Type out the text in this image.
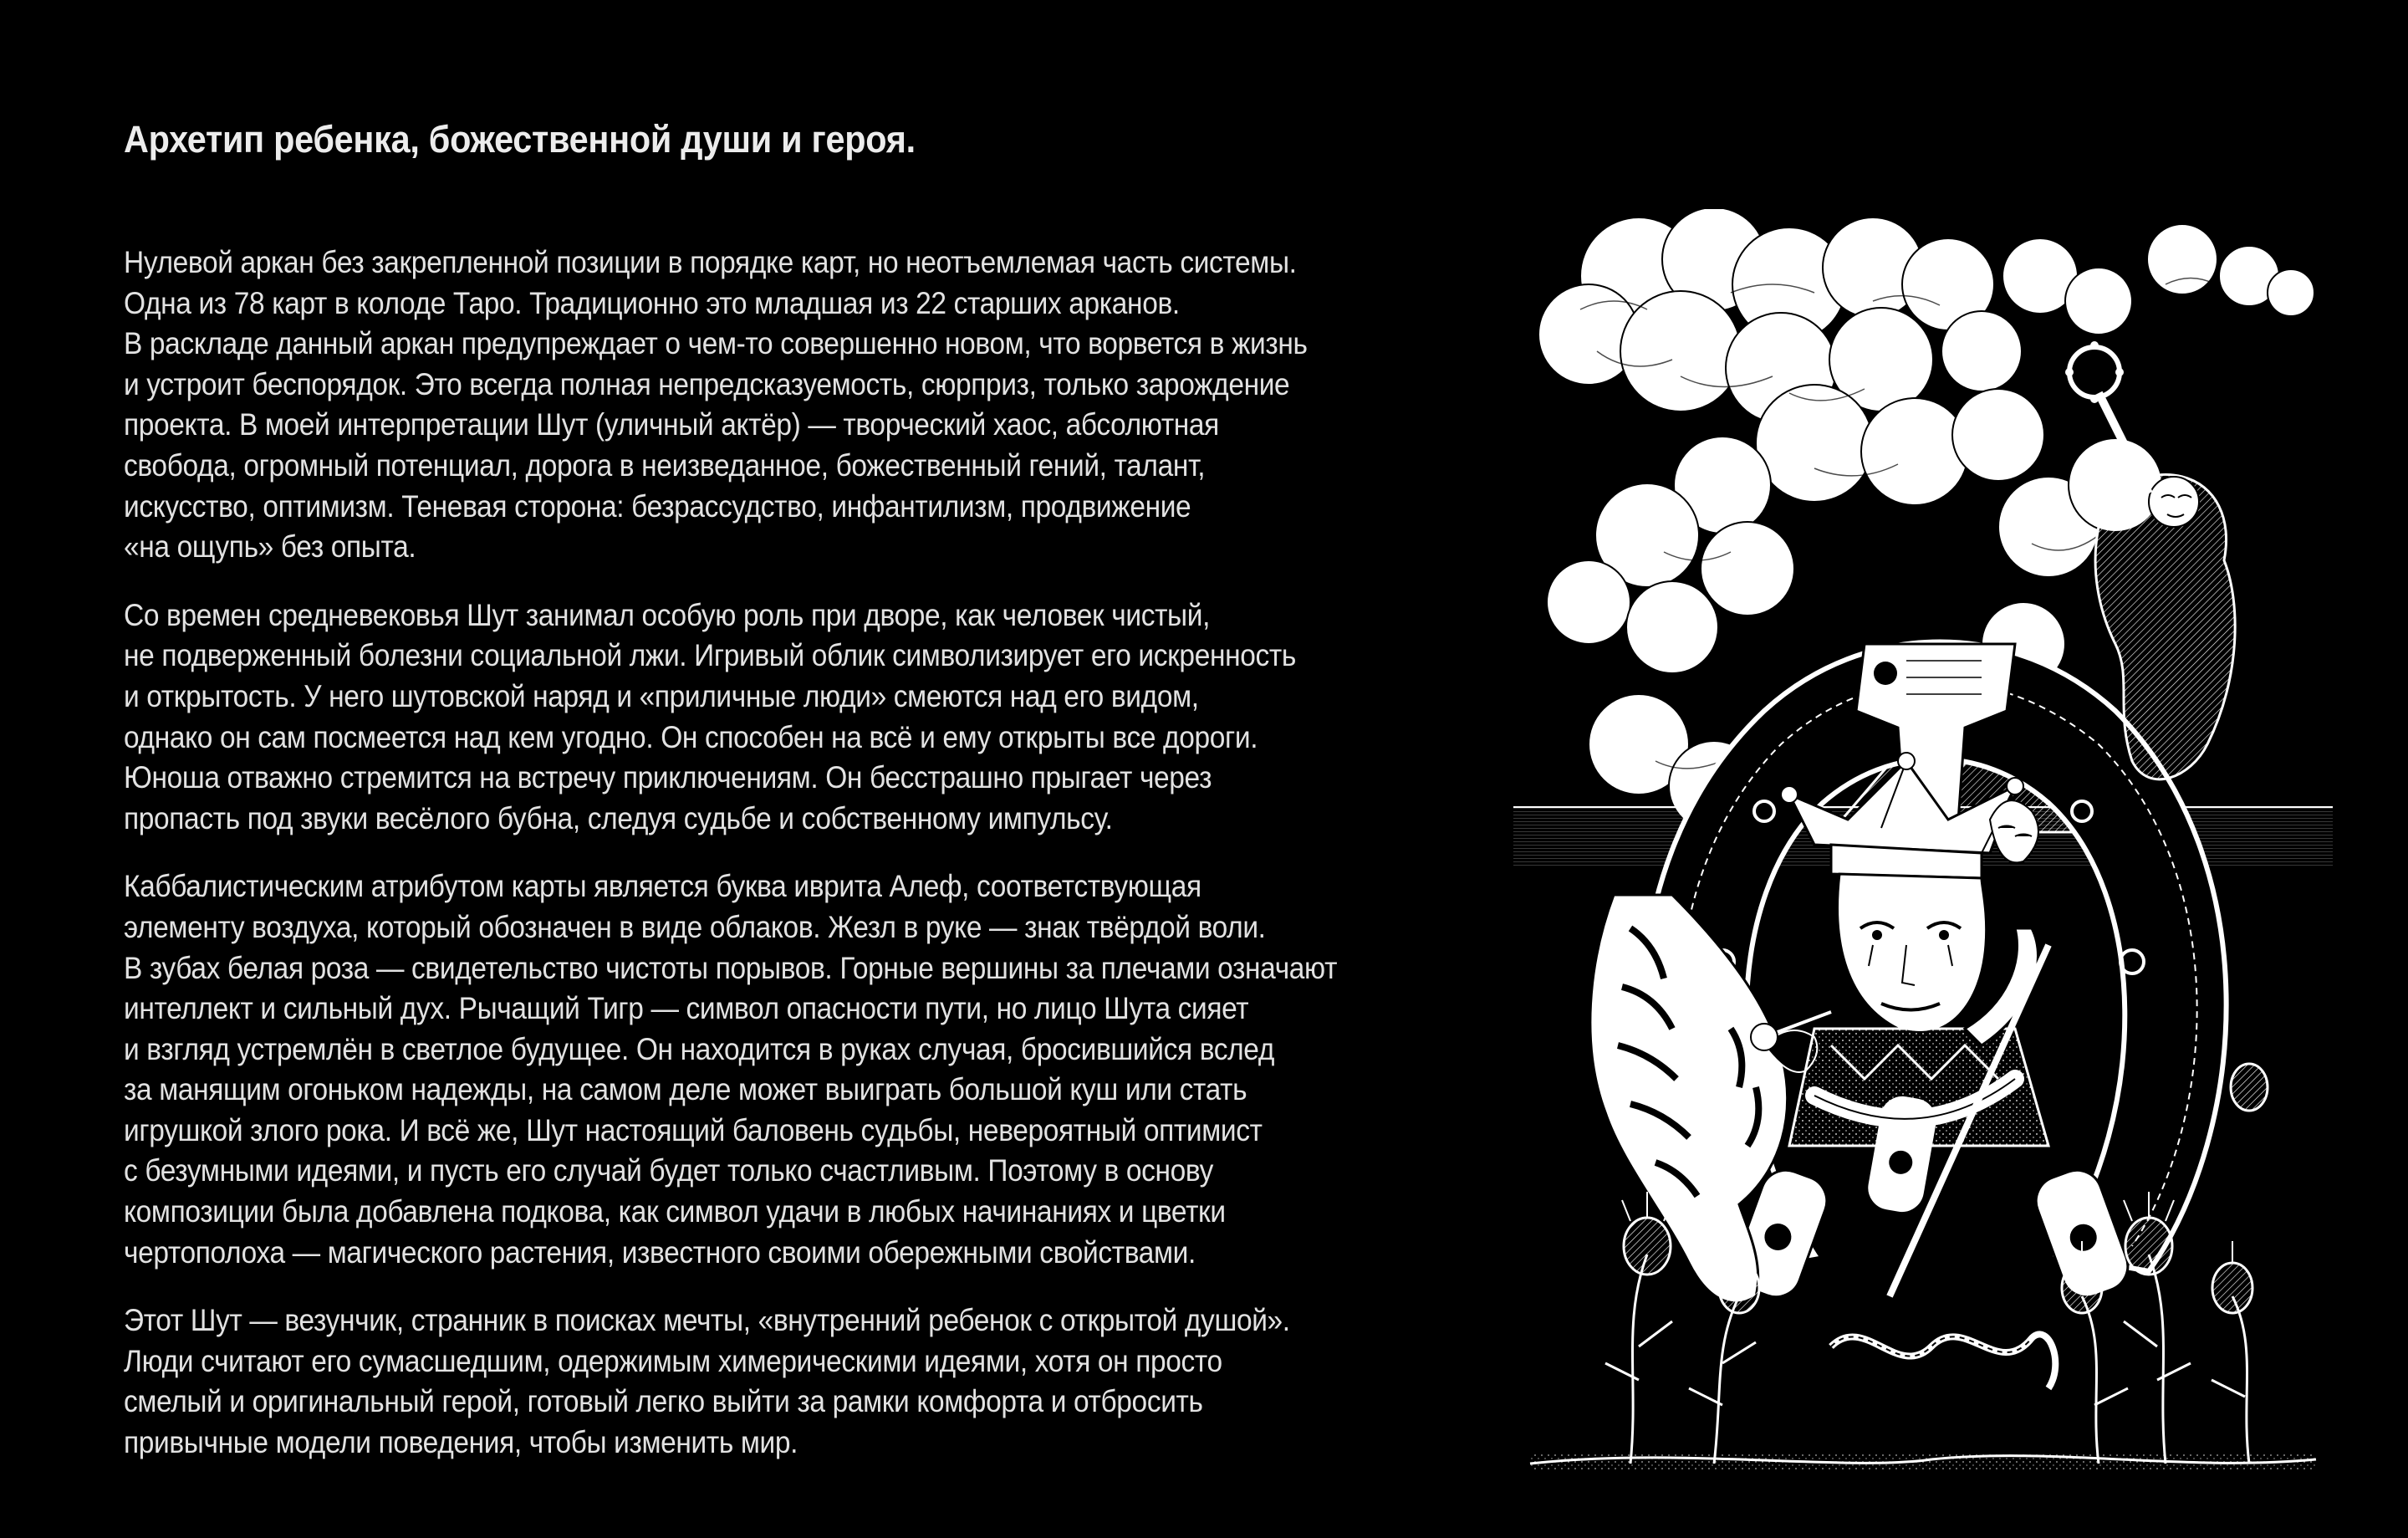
Архетип ребенка, божественной души и героя.

Нулевой аркан без закрепленной позиции в порядке карт, но неотъемлемая часть системы.
Одна из 78 карт в колоде Таро. Традиционно это младшая из 22 старших арканов.
В раскладе данный аркан предупреждает о чем-то совершенно новом, что ворвется в жизнь
и устроит беспорядок. Это всегда полная непредсказуемость, сюрприз, только зарождение
проекта. В моей интерпретации Шут (уличный актёр) — творческий хаос, абсолютная
свобода, огромный потенциал, дорога в неизведанное, божественный гений, талант,
искусство, оптимизм. Теневая сторона: безрассудство, инфантилизм, продвижение
«на ощупь» без опыта.

Со времен средневековья Шут занимал особую роль при дворе, как человек чистый,
не подверженный болезни социальной лжи. Игривый облик символизирует его искренность
и открытость. У него шутовской наряд и «приличные люди» смеются над его видом,
однако он сам посмеется над кем угодно. Он способен на всё и ему открыты все дороги.
Юноша отважно стремится на встречу приключениям. Он бесстрашно прыгает через
пропасть под звуки весёлого бубна, следуя судьбе и собственному импульсу.

Каббалистическим атрибутом карты является буква иврита Алеф, соответствующая
элементу воздуха, который обозначен в виде облаков. Жезл в руке — знак твёрдой воли.
В зубах белая роза — свидетельство чистоты порывов. Горные вершины за плечами означают
интеллект и сильный дух. Рычащий Тигр — символ опасности пути, но лицо Шута сияет
и взгляд устремлён в светлое будущее. Он находится в руках случая, бросившийся вслед
за манящим огоньком надежды, на самом деле может выиграть большой куш или стать
игрушкой злого рока. И всё же, Шут настоящий баловень судьбы, невероятный оптимист
с безумными идеями, и пусть его случай будет только счастливым. Поэтому в основу
композиции была добавлена подкова, как символ удачи в любых начинаниях и цветки
чертополоха — магического растения, известного своими обережными свойствами.

Этот Шут — везунчик, странник в поисках мечты, «внутренний ребенок с открытой душой».
Люди считают его сумасшедшим, одержимым химерическими идеями, хотя он просто
смелый и оригинальный герой, готовый легко выйти за рамки комфорта и отбросить
привычные модели поведения, чтобы изменить мир.
